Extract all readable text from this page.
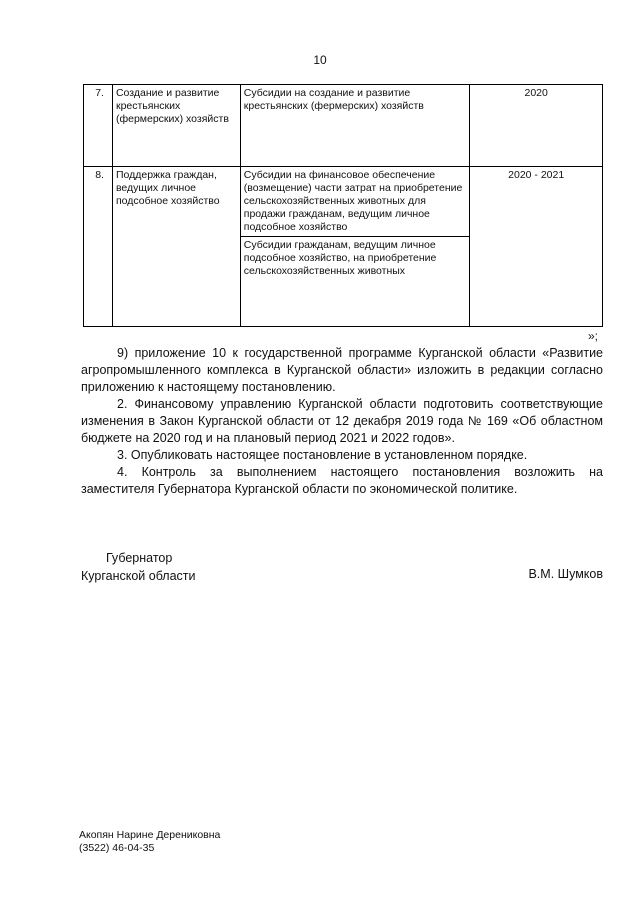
10
7.	Создание и развитие крестьянских (фермерских) хозяйств	Субсидии на создание и развитие крестьянских (фермерских) хозяйств	2020
8.	Поддержка граждан, ведущих личное подсобное хозяйство	Субсидии на финансовое обеспечение (возмещение) части затрат на приобретение сельскохозяйственных животных для продажи гражданам, ведущим личное подсобное хозяйство
Субсидии гражданам, ведущим личное подсобное хозяйство, на приобретение сельскохозяйственных животных	2020 - 2021
»;

9) приложение 10 к государственной программе Курганской области «Развитие агропромышленного комплекса в Курганской области» изложить в редакции согласно приложению к настоящему постановлению.

2. Финансовому управлению Курганской области подготовить соответствующие изменения в Закон Курганской области от 12 декабря 2019 года № 169 «Об областном бюджете на 2020 год и на плановый период 2021 и 2022 годов».

3. Опубликовать настоящее постановление в установленном порядке.

4. Контроль за выполнением настоящего постановления возложить на заместителя Губернатора Курганской области по экономической политике.

Губернатор
Курганской области	В.М. Шумков
Акопян Нарине Дерениковна
(3522) 46-04-35
